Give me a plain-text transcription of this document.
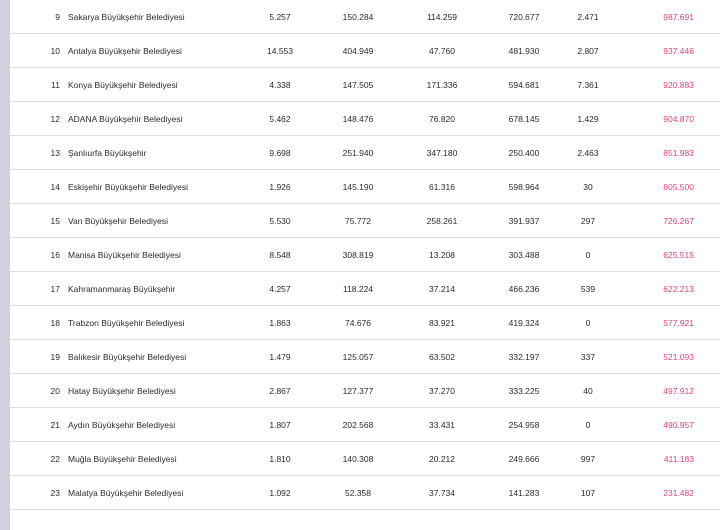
9 Sakarya Büyükşehir Belediyesi	5.257	150.284	114.259	720.677	2.471	987.691
10 Antalya Büyükşehir Belediyesi	14.553	404.949	47.760	481.930	2.807	937.446
11 Konya Büyükşehir Belediyesi	4.338	147.505	171.336	594.681	7.361	920.883
12 ADANA Büyükşehir Belediyesi	5.462	148.476	76.820	678.145	1.429	904.870
13 Şanlıurfa Büyükşehir	9.698	251.940	347.180	250.400	2.463	851.983
14 Eskişehir Büyükşehir Belediyesi	1.926	145.190	61.316	598.964	30	805.500
15 Van Büyükşehir Belediyesi	5.530	75.772	258.261	391.937	297	726.267
16 Manisa Büyükşehir Belediyesi	8.548	308.819	13.208	303.488	0	625.515
17 Kahramanmaraş Büyükşehir	4.257	118.224	37.214	466.236	539	622.213
18 Trabzon Büyükşehir Belediyesi	1.863	74.676	83.921	419.324	0	577.921
19 Balıkesir Büyükşehir Belediyesi	1.479	125.057	63.502	332.197	337	521.093
20 Hatay Büyükşehir Belediyesi	2.867	127.377	37.270	333.225	40	497.912
21 Aydın Büyükşehir Belediyesi	1.807	202.568	33.431	254.958	0	490.957
22 Muğla Büyükşehir Belediyesi	1.810	140.308	20.212	249.666	997	411.183
23 Malatya Büyükşehir Belediyesi	1.092	52.358	37.734	141.283	107	231.482
